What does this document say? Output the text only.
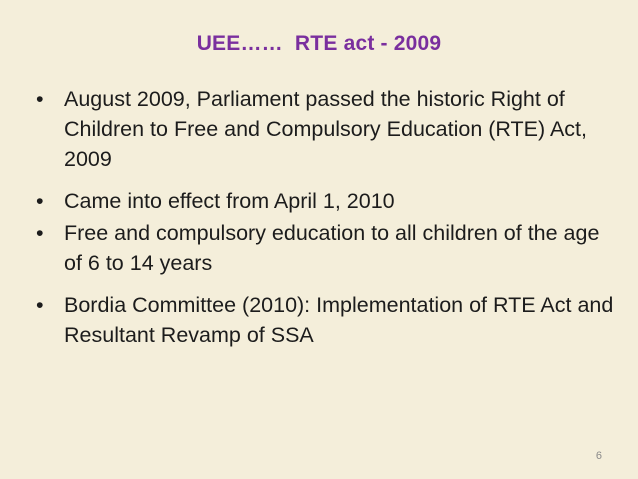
UEE……  RTE act - 2009
• August 2009, Parliament passed the historic Right of Children to Free and Compulsory Education (RTE) Act, 2009
• Came into effect from April 1, 2010
• Free and compulsory education to all children of the age of 6 to 14 years
• Bordia Committee (2010): Implementation of RTE Act and Resultant Revamp of SSA
6
